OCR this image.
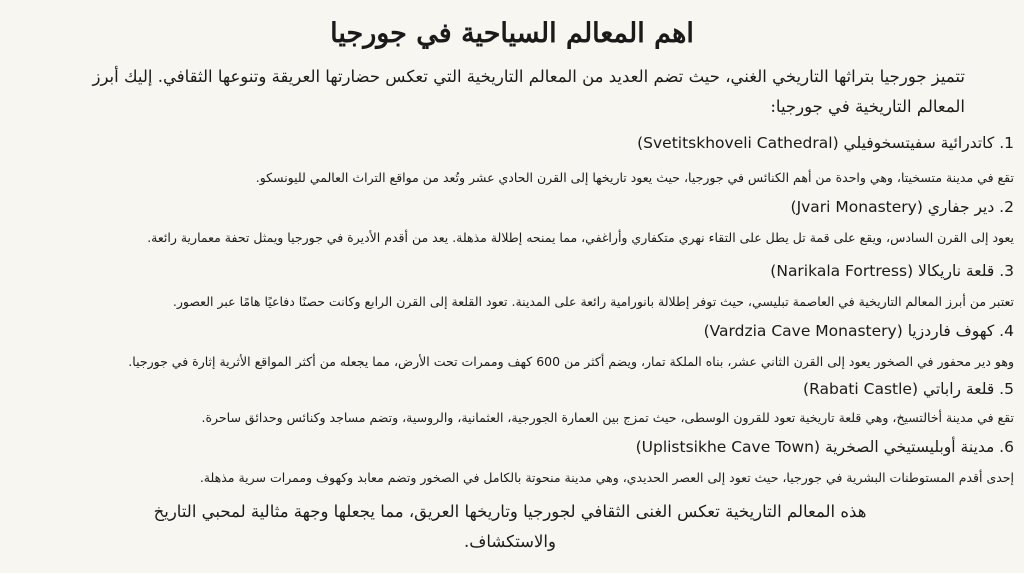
اهم المعالم السياحية في جورجيا

تتميز جورجيا بتراثها التاريخي الغني، حيث تضم العديد من المعالم التاريخية التي تعكس حضارتها العريقة وتنوعها الثقافي. إليك أبرز المعالم التاريخية في جورجيا:

1. كاتدرائية سفيتسخوفيلي (Svetitskhoveli Cathedral)
تقع في مدينة متسخيتا، وهي واحدة من أهم الكنائس في جورجيا، حيث يعود تاريخها إلى القرن الحادي عشر وتُعد من مواقع التراث العالمي لليونسكو.
2. دير جفاري (Jvari Monastery)
يعود إلى القرن السادس، ويقع على قمة تل يطل على التقاء نهري متكفاري وأراغفي، مما يمنحه إطلالة مذهلة. يعد من أقدم الأديرة في جورجيا ويمثل تحفة معمارية رائعة.
3. قلعة ناريكالا (Narikala Fortress)
تعتبر من أبرز المعالم التاريخية في العاصمة تبليسي، حيث توفر إطلالة بانورامية رائعة على المدينة. تعود القلعة إلى القرن الرابع وكانت حصنًا دفاعيًا هامًا عبر العصور.
4. كهوف فاردزيا (Vardzia Cave Monastery)
وهو دير محفور في الصخور يعود إلى القرن الثاني عشر، بناه الملكة تمار، ويضم أكثر من 600 كهف وممرات تحت الأرض، مما يجعله من أكثر المواقع الأثرية إثارة في جورجيا.
5. قلعة راباتي (Rabati Castle)
تقع في مدينة أخالتسيخ، وهي قلعة تاريخية تعود للقرون الوسطى، حيث تمزج بين العمارة الجورجية، العثمانية، والروسية، وتضم مساجد وكنائس وحدائق ساحرة.
6. مدينة أوبليستيخي الصخرية (Uplistsikhe Cave Town)
إحدى أقدم المستوطنات البشرية في جورجيا، حيث تعود إلى العصر الحديدي، وهي مدينة منحوتة بالكامل في الصخور وتضم معابد وكهوف وممرات سرية مذهلة.

هذه المعالم التاريخية تعكس الغنى الثقافي لجورجيا وتاريخها العريق، مما يجعلها وجهة مثالية لمحبي التاريخ والاستكشاف.
